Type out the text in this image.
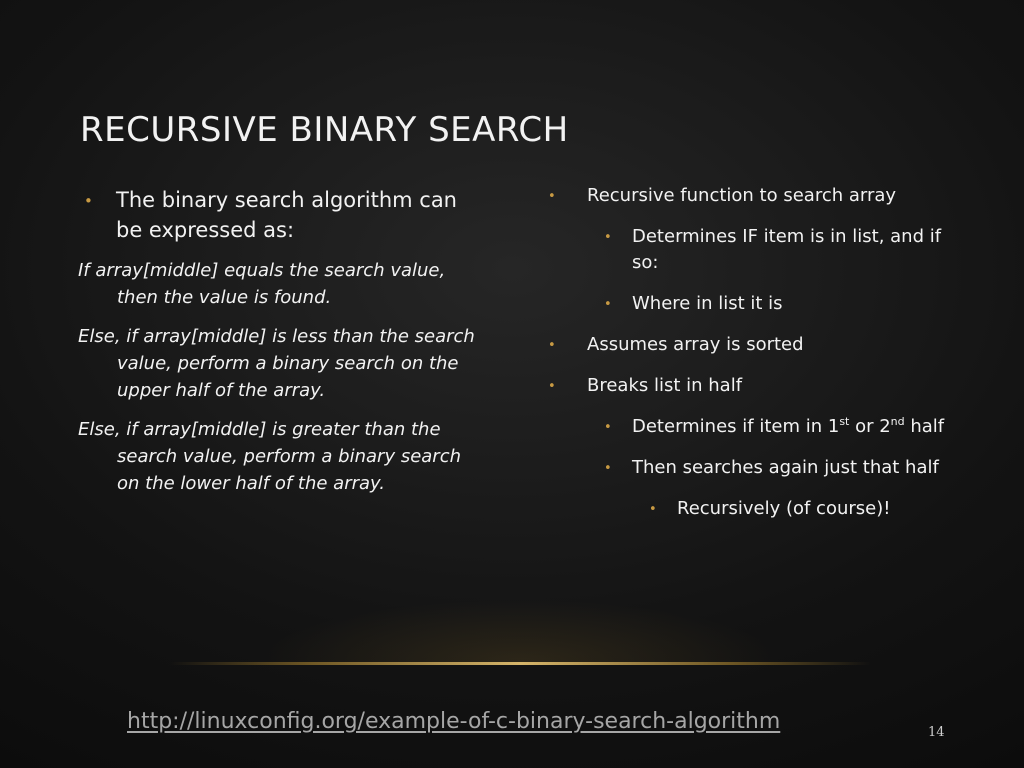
RECURSIVE BINARY SEARCH
• The binary search algorithm can be expressed as:

If array[middle] equals the search value, then the value is found.

Else, if array[middle] is less than the search value, perform a binary search on the upper half of the array.

Else, if array[middle] is greater than the search value, perform a binary search on the lower half of the array.

• Recursive function to search array
• Determines IF item is in list, and if so:
• Where in list it is
• Assumes array is sorted
• Breaks list in half
• Determines if item in 1st or 2nd half
• Then searches again just that half
• Recursively (of course)!
http://linuxconfig.org/example-of-c-binary-search-algorithm	14
